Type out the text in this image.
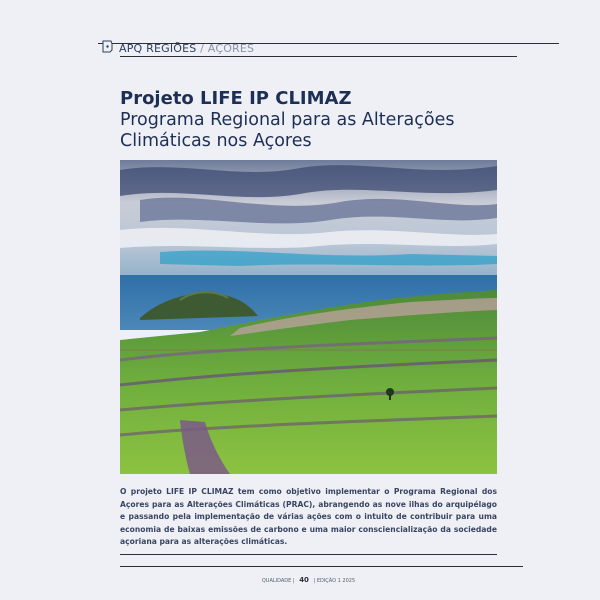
APQ REGIÕES / AÇORES

Projeto LIFE IP CLIMAZ

Programa Regional para as Alterações

Climáticas nos Açores

O projeto LIFE IP CLIMAZ tem como objetivo implementar o Programa Regional dos Açores para as Alterações Climáticas (PRAC), abrangendo as nove ilhas do arquipélago e passando pela implementação de várias ações com o intuito de contribuir para uma economia de baixas emissões de carbono e uma maior consciencialização da sociedade açoriana para as alterações climáticas.

QUALIDADE | 40 | EDIÇÃO 1 2025
